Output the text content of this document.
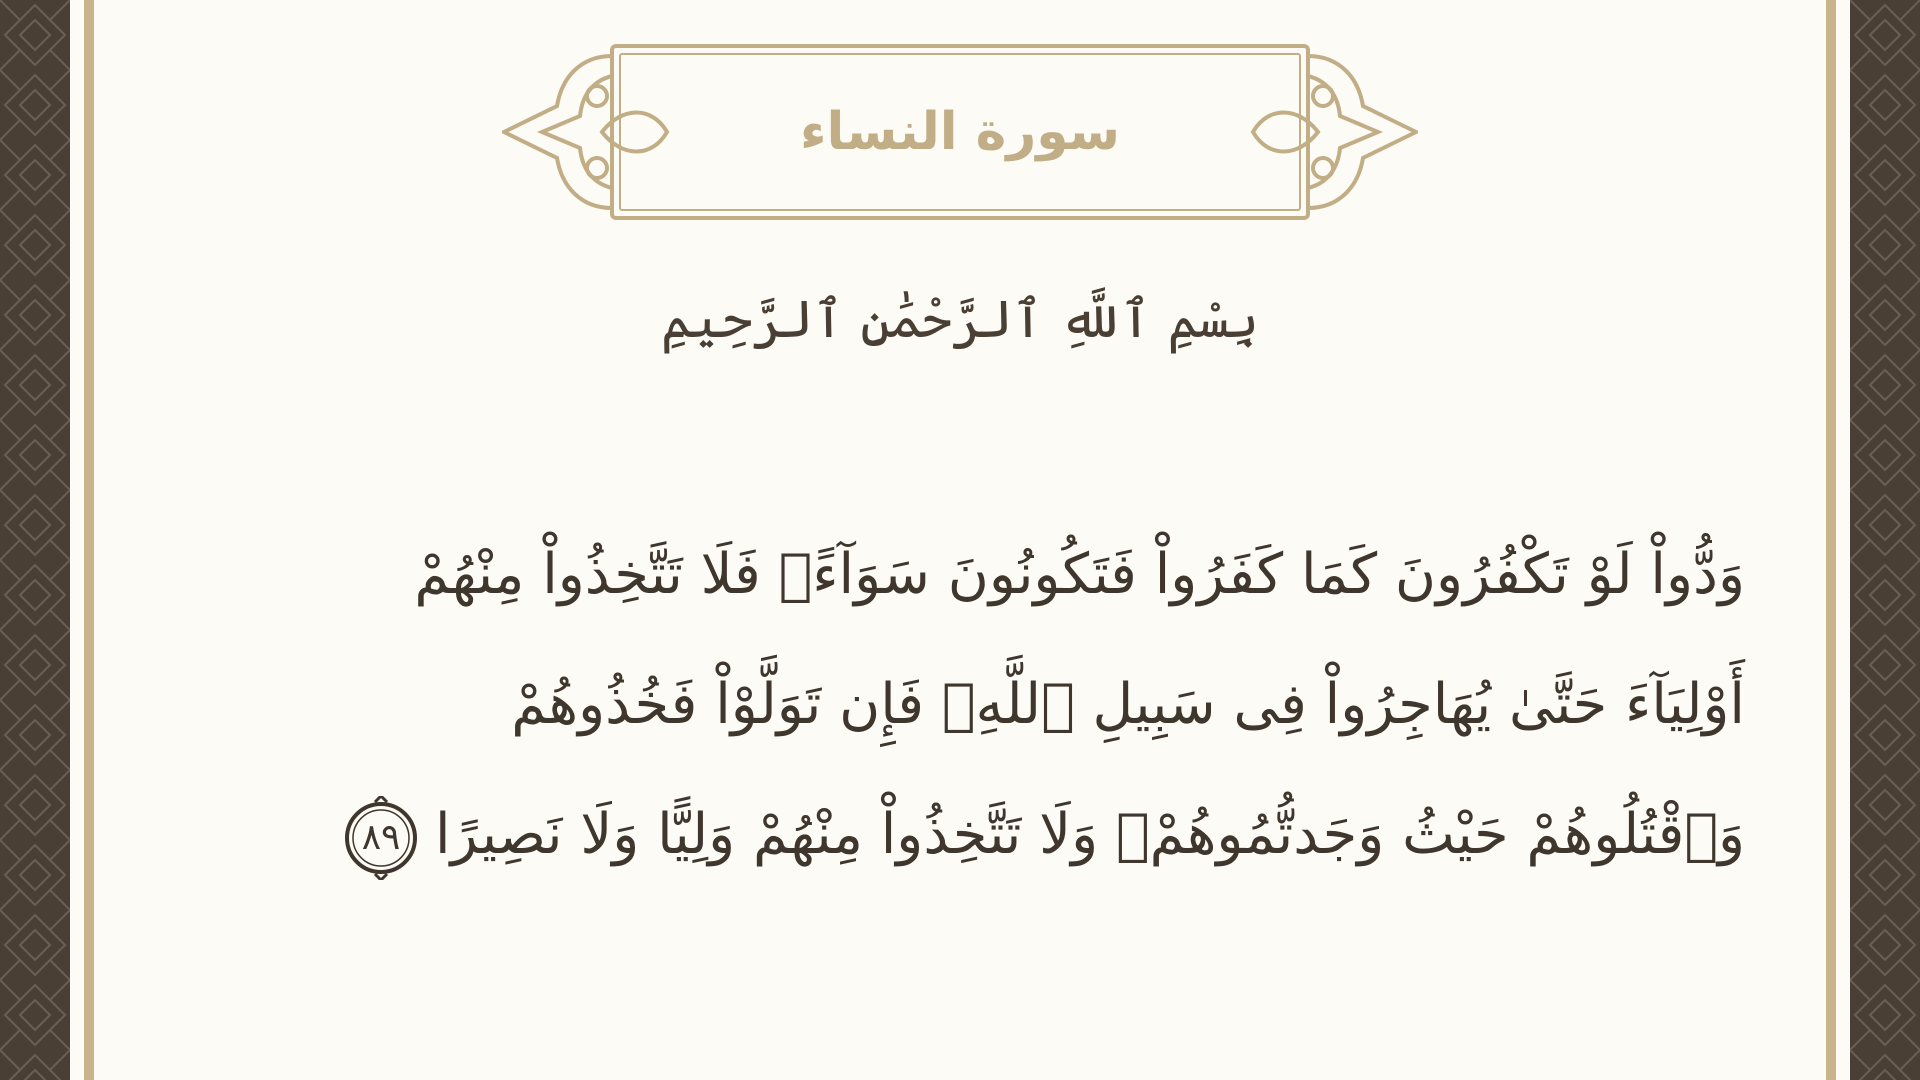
سورة النساء
بِسْمِ ٱللَّهِ ٱلرَّحْمَٰنِ ٱلرَّحِيمِ
وَدُّواْ لَوْ تَكْفُرُونَ كَمَا كَفَرُواْ فَتَكُونُونَ سَوَآءًۖ فَلَا تَتَّخِذُواْ مِنْهُمْ
أَوْلِيَآءَ حَتَّىٰ يُهَاجِرُواْ فِى سَبِيلِ ٱللَّهِۚ فَإِن تَوَلَّوْاْ فَخُذُوهُمْ
وَٱقْتُلُوهُمْ حَيْثُ وَجَدتُّمُوهُمْۖ وَلَا تَتَّخِذُواْ مِنْهُمْ وَلِيًّا وَلَا نَصِيرًا
٨٩
